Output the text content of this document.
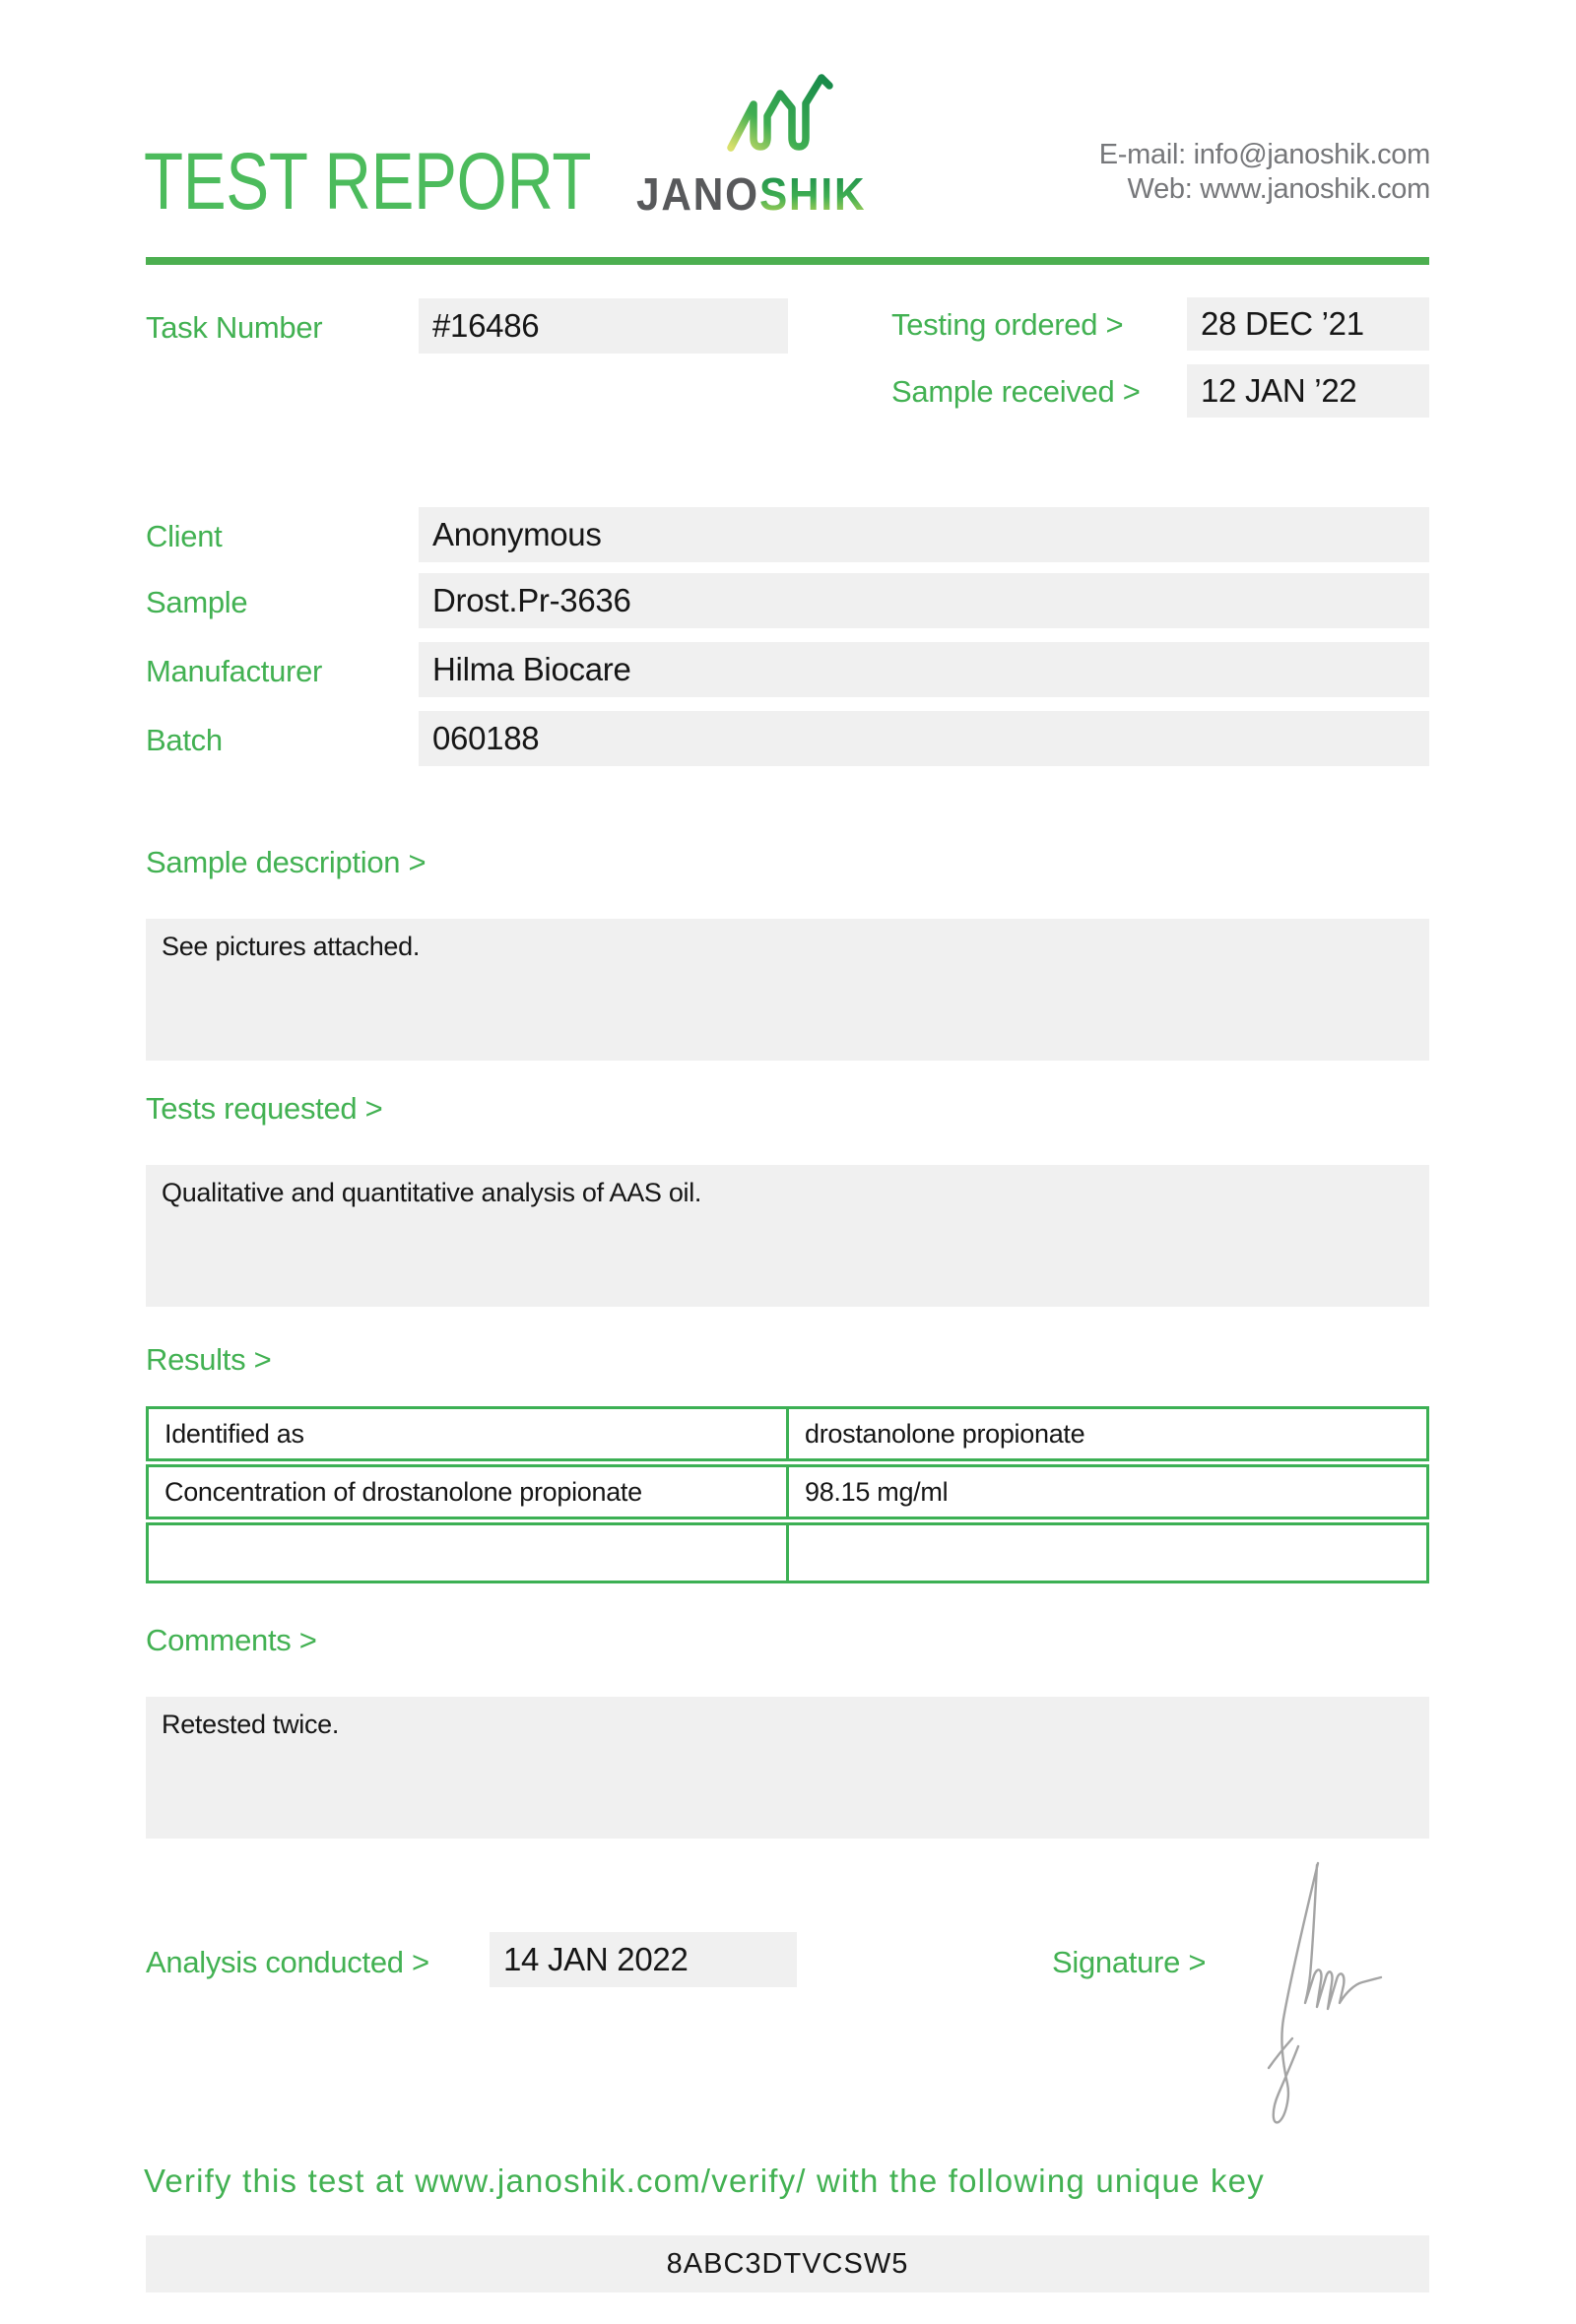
TEST REPORT JANOSHIK
E-mail: info@janoshik.com
Web: www.janoshik.com
Task Number	#16486	Testing ordered >	28 DEC ’21
Sample received >	12 JAN ’22
Client	Anonymous
Sample	Drost.Pr-3636
Manufacturer	Hilma Biocare
Batch	060188
Sample description >
See pictures attached.
Tests requested >
Qualitative and quantitative analysis of AAS oil.
Results >
Identified as	drostanolone propionate
Concentration of drostanolone propionate	98.15 mg/ml
Comments >
Retested twice.
Analysis conducted >	14 JAN 2022	Signature >
Verify this test at www.janoshik.com/verify/ with the following unique key
8ABC3DTVCSW5
